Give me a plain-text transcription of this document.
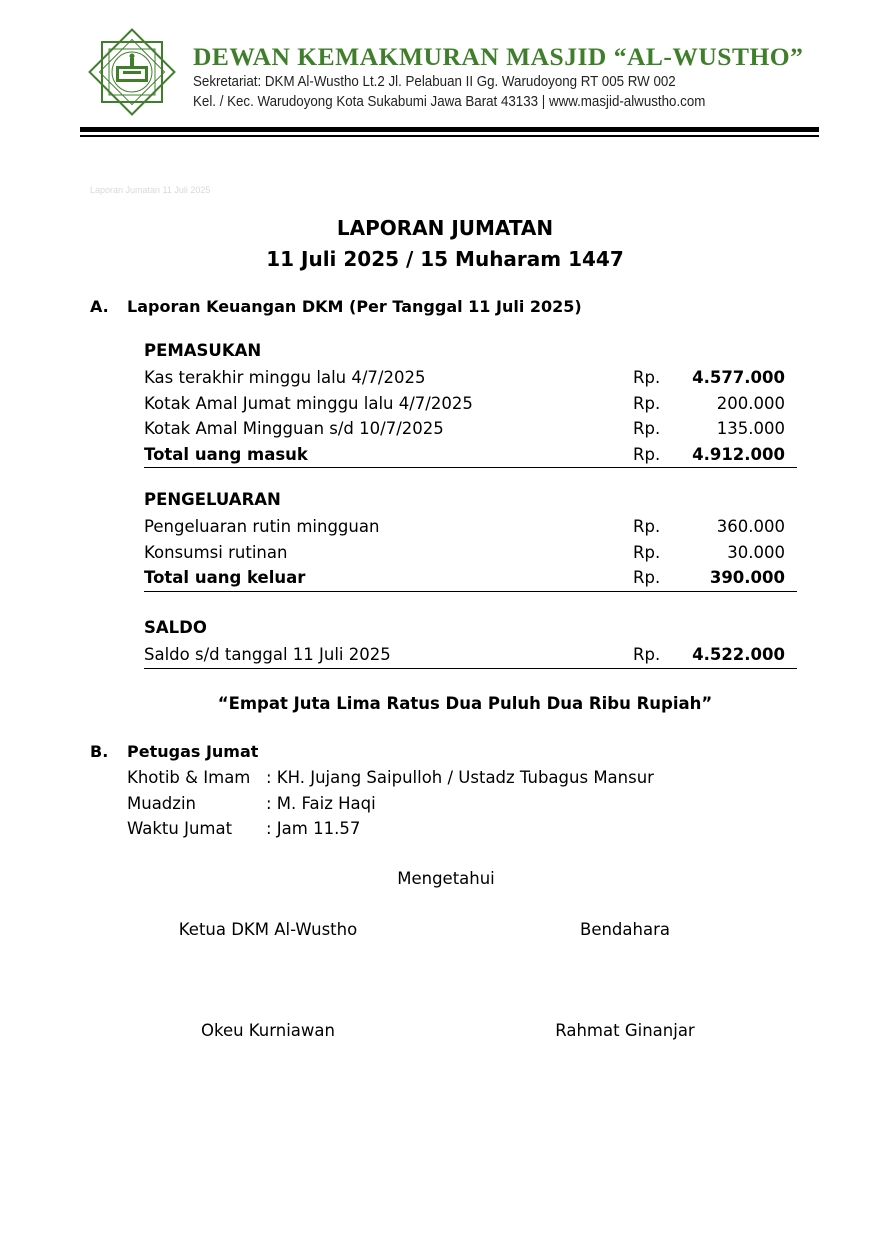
DEWAN KEMAKMURAN MASJID “AL-WUSTHO”
Sekretariat: DKM Al-Wustho Lt.2 Jl. Pelabuan II Gg. Warudoyong RT 005 RW 002
Kel. / Kec. Warudoyong Kota Sukabumi Jawa Barat 43133 | www.masjid-alwustho.com
Laporan Jumatan 11 Juli 2025
LAPORAN JUMATAN
11 Juli 2025 / 15 Muharam 1447
A. Laporan Keuangan DKM (Per Tanggal 11 Juli 2025)
PEMASUKAN
Kas terakhir minggu lalu 4/7/2025	Rp. 4.577.000
Kotak Amal Jumat minggu lalu 4/7/2025	Rp.	200.000
Kotak Amal Mingguan s/d 10/7/2025	Rp.	135.000
Total uang masuk	Rp. 4.912.000
PENGELUARAN
Pengeluaran rutin mingguan	Rp.	360.000
Konsumsi rutinan	Rp.	30.000
Total uang keluar	Rp.	390.000
SALDO
Saldo s/d tanggal 11 Juli 2025	Rp. 4.522.000
“Empat Juta Lima Ratus Dua Puluh Dua Ribu Rupiah”
B. Petugas Jumat
Khotib & Imam : KH. Jujang Saipulloh / Ustadz Tubagus Mansur
Muadzin	: M. Faiz Haqi
Waktu Jumat : Jam 11.57
Mengetahui
Ketua DKM Al-Wustho	Bendahara
Okeu Kurniawan	Rahmat Ginanjar
